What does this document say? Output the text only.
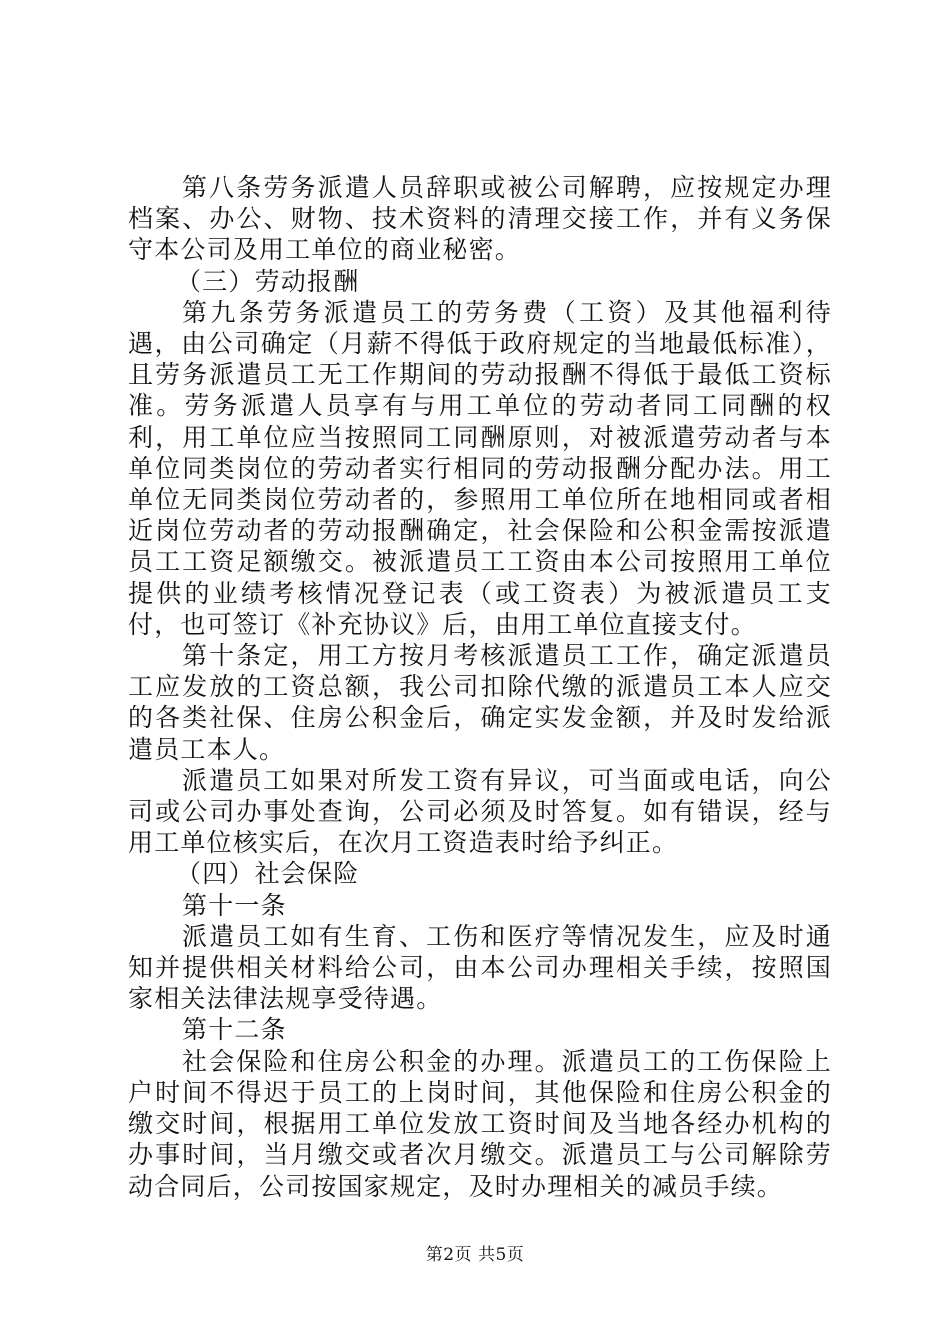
第八条劳务派遣人员辞职或被公司解聘，应按规定办理档案、办公、财物、技术资料的清理交接工作，并有义务保守本公司及用工单位的商业秘密。

（三）劳动报酬

第九条劳务派遣员工的劳务费（工资）及其他福利待遇，由公司确定（月薪不得低于政府规定的当地最低标准），且劳务派遣员工无工作期间的劳动报酬不得低于最低工资标准。劳务派遣人员享有与用工单位的劳动者同工同酬的权利，用工单位应当按照同工同酬原则，对被派遣劳动者与本单位同类岗位的劳动者实行相同的劳动报酬分配办法。用工单位无同类岗位劳动者的，参照用工单位所在地相同或者相近岗位劳动者的劳动报酬确定，社会保险和公积金需按派遣员工工资足额缴交。被派遣员工工资由本公司按照用工单位提供的业绩考核情况登记表（或工资表）为被派遣员工支付，也可签订《补充协议》后，由用工单位直接支付。

第十条定，用工方按月考核派遣员工工作，确定派遣员工应发放的工资总额，我公司扣除代缴的派遣员工本人应交的各类社保、住房公积金后，确定实发金额，并及时发给派遣员工本人。

派遣员工如果对所发工资有异议，可当面或电话，向公司或公司办事处查询，公司必须及时答复。如有错误，经与用工单位核实后，在次月工资造表时给予纠正。

（四）社会保险

第十一条

派遣员工如有生育、工伤和医疗等情况发生，应及时通知并提供相关材料给公司，由本公司办理相关手续，按照国家相关法律法规享受待遇。

第十二条

社会保险和住房公积金的办理。派遣员工的工伤保险上户时间不得迟于员工的上岗时间，其他保险和住房公积金的缴交时间，根据用工单位发放工资时间及当地各经办机构的办事时间，当月缴交或者次月缴交。派遣员工与公司解除劳动合同后，公司按国家规定，及时办理相关的减员手续。

第2页 共5页
